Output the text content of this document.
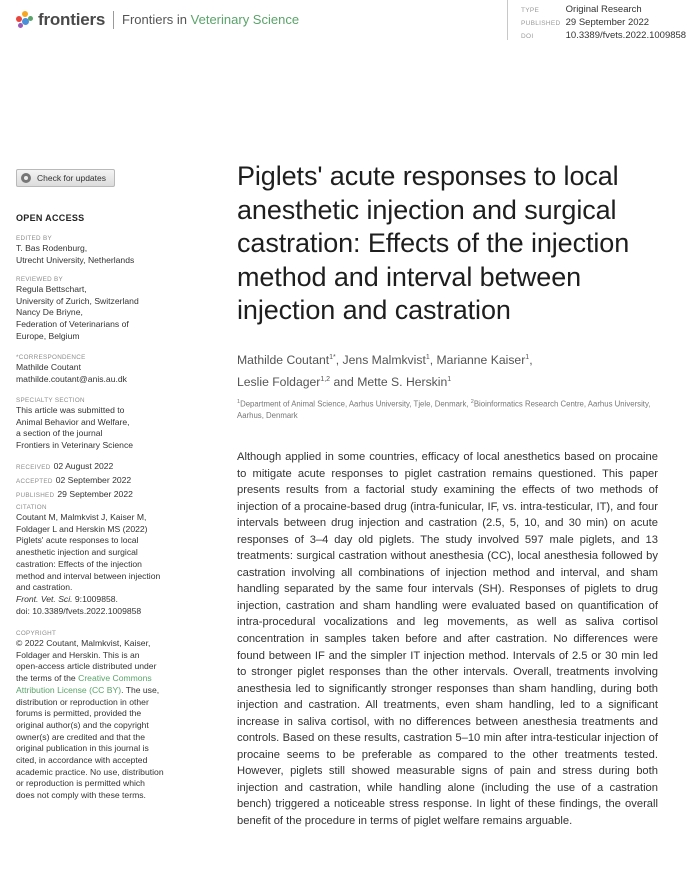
frontiers Frontiers in Veterinary Science
TYPE	Original Research
PUBLISHED 29 September 2022
DOI	10.3389/fvets.2022.1009858
Check for updates
OPEN ACCESS
EDITED BY
T. Bas Rodenburg,
Utrecht University, Netherlands
REVIEWED BY
Regula Bettschart,
University of Zurich, Switzerland
Nancy De Briyne,
Federation of Veterinarians of
Europe, Belgium
*CORRESPONDENCE
Mathilde Coutant
mathilde.coutant@anis.au.dk
SPECIALTY SECTION
This article was submitted to
Animal Behavior and Welfare,
a section of the journal
Frontiers in Veterinary Science
RECEIVED 02 August 2022
ACCEPTED 02 September 2022
PUBLISHED 29 September 2022
CITATION
Coutant M, Malmkvist J, Kaiser M,
Foldager L and Herskin MS (2022)
Piglets' acute responses to local
anesthetic injection and surgical
castration: Effects of the injection
method and interval between injection
and castration.
Front. Vet. Sci. 9:1009858.
doi: 10.3389/fvets.2022.1009858
COPYRIGHT
© 2022 Coutant, Malmkvist, Kaiser,
Foldager and Herskin. This is an
open-access article distributed under
the terms of the Creative Commons
Attribution License (CC BY). The use,
distribution or reproduction in other
forums is permitted, provided the
original author(s) and the copyright
owner(s) are credited and that the
original publication in this journal is
cited, in accordance with accepted
academic practice. No use, distribution
or reproduction is permitted which
does not comply with these terms.
Piglets' acute responses to local anesthetic injection and surgical castration: Effects of the injection method and interval between injection and castration
Mathilde Coutant$^{1*}$, Jens Malmkvist$^1$, Marianne Kaiser$^1$,
Leslie Foldager$^{1,2}$ and Mette S. Herskin$^1$
$^1$Department of Animal Science, Aarhus University, Tjele, Denmark, $^2$Bioinformatics Research Centre, Aarhus University, Aarhus, Denmark

Although applied in some countries, efficacy of local anesthetics based on procaine to mitigate acute responses to piglet castration remains questioned. This paper presents results from a factorial study examining the effects of two methods of injection of a procaine-based drug (intra-funicular, IF, vs. intra-testicular, IT), and four intervals between drug injection and castration (2.5, 5, 10, and 30 min) on acute responses of 3–4 day old piglets. The study involved 597 male piglets, and 13 treatments: surgical castration without anesthesia (CC), local anesthesia followed by castration involving all combinations of injection method and interval, and sham handling separated by the same four intervals (SH). Responses of piglets to drug injection, castration and sham handling were evaluated based on quantification of intra-procedural vocalizations and leg movements, as well as saliva cortisol concentration in samples taken before and after castration. No differences were found between IF and the simpler IT injection method. Intervals of 2.5 or 30 min led to stronger piglet responses than the other intervals. Overall, treatments involving anesthesia led to significantly stronger responses than sham handling, during both injection and castration. All treatments, even sham handling, led to a significant increase in saliva cortisol, with no differences between anesthesia treatments and controls. Based on these results, castration 5–10 min after intra-testicular injection of procaine seems to be preferable as compared to the other treatments tested. However, piglets still showed measurable signs of pain and stress during both injection and castration, while handling alone (including the use of a castration bench) triggered a noticeable stress response. In light of these findings, the overall benefit of the procedure in terms of piglet welfare remains arguable.
